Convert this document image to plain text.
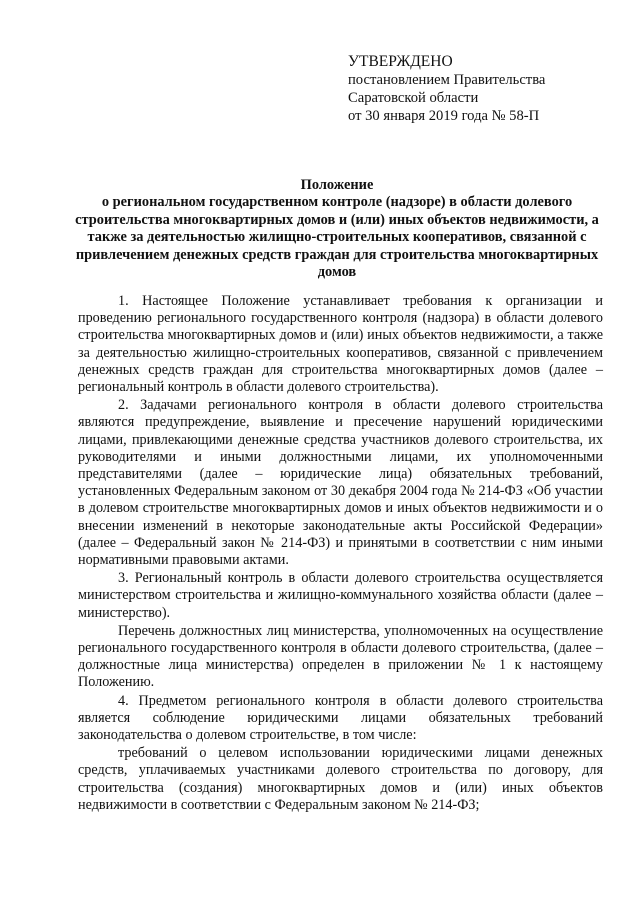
УТВЕРЖДЕНО
постановлением Правительства
Саратовской области
от 30 января 2019 года № 58-П
Положение
о региональном государственном контроле (надзоре) в области долевого строительства многоквартирных домов и (или) иных объектов недвижимости, а также за деятельностью жилищно-строительных кооперативов, связанной с привлечением денежных средств граждан для строительства многоквартирных домов

1. Настоящее Положение устанавливает требования к организации и проведению регионального государственного контроля (надзора) в области долевого строительства многоквартирных домов и (или) иных объектов недвижимости, а также за деятельностью жилищно-строительных кооперативов, связанной с привлечением денежных средств граждан для строительства многоквартирных домов (далее – региональный контроль в области долевого строительства).

2. Задачами регионального контроля в области долевого строительства являются предупреждение, выявление и пресечение нарушений юридическими лицами, привлекающими денежные средства участников долевого строительства, их руководителями и иными должностными лицами, их уполномоченными представителями (далее – юридические лица) обязательных требований, установленных Федеральным законом от 30 декабря 2004 года № 214-ФЗ «Об участии в долевом строительстве многоквартирных домов и иных объектов недвижимости и о внесении изменений в некоторые законодательные акты Российской Федерации» (далее – Федеральный закон № 214-ФЗ) и принятыми в соответствии с ним иными нормативными правовыми актами.

3. Региональный контроль в области долевого строительства осуществляется министерством строительства и жилищно-коммунального хозяйства области (далее – министерство).

Перечень должностных лиц министерства, уполномоченных на осуществление регионального государственного контроля в области долевого строительства, (далее – должностные лица министерства) определен в приложении № 1 к настоящему Положению.

4. Предметом регионального контроля в области долевого строительства является соблюдение юридическими лицами обязательных требований законодательства о долевом строительстве, в том числе:

требований о целевом использовании юридическими лицами денежных средств, уплачиваемых участниками долевого строительства по договору, для строительства (создания) многоквартирных домов и (или) иных объектов недвижимости в соответствии с Федеральным законом № 214-ФЗ;
